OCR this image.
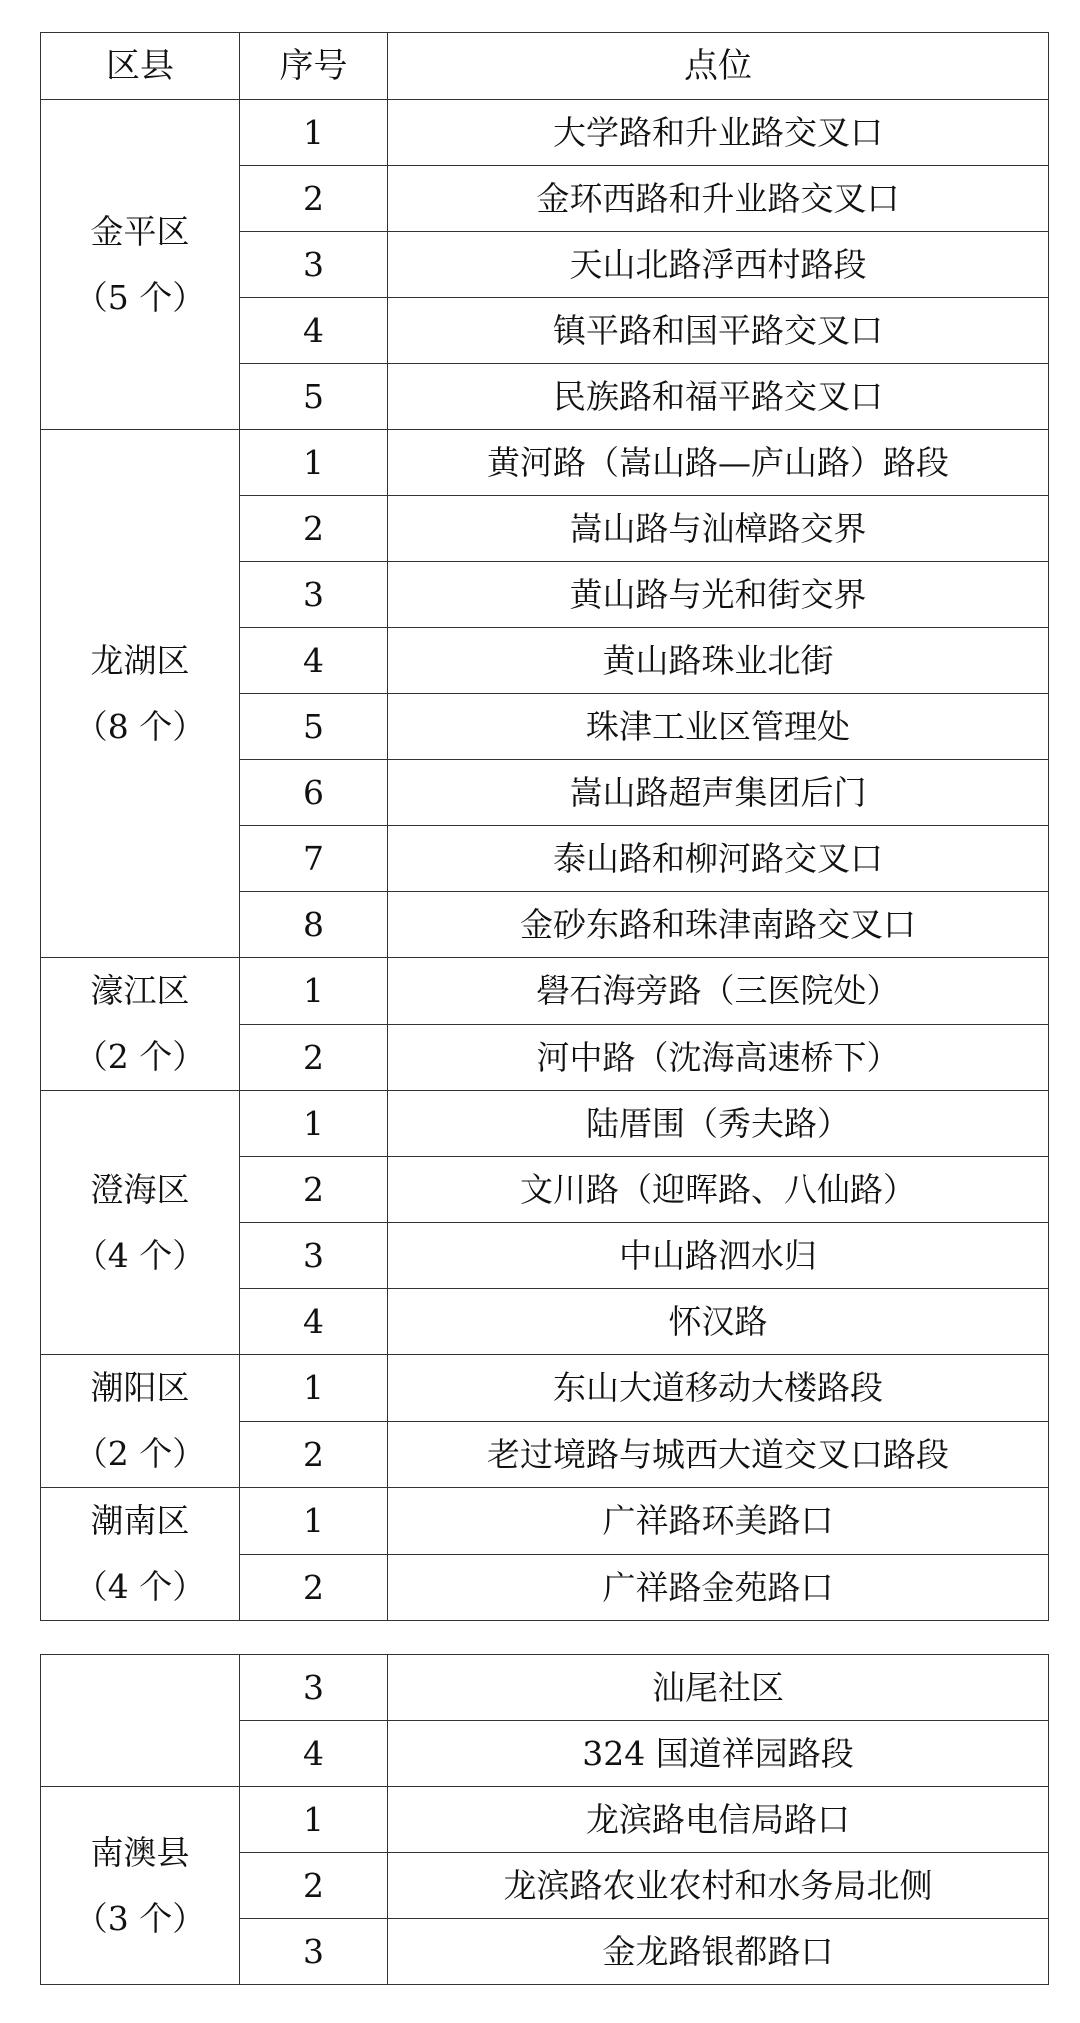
区县	序号	点位

金平区
（5 个）	1	大学路和升业路交叉口
	2	金环西路和升业路交叉口
	3	天山北路浮西村路段
	4	镇平路和国平路交叉口
	5	民族路和福平路交叉口

龙湖区
（8 个）	1	黄河路（嵩山路—庐山路）路段
	2	嵩山路与汕樟路交界
	3	黄山路与光和街交界
	4	黄山路珠业北街
	5	珠津工业区管理处
	6	嵩山路超声集团后门
	7	泰山路和柳河路交叉口
	8	金砂东路和珠津南路交叉口

濠江区
（2 个）	1	礐石海旁路（三医院处）
	2	河中路（沈海高速桥下）

澄海区
（4 个）	1	陆厝围（秀夫路）
	2	文川路（迎晖路、八仙路）
	3	中山路泗水归
	4	怀汉路

潮阳区
（2 个）	1	东山大道移动大楼路段
	2	老过境路与城西大道交叉口路段

潮南区
（4 个）	1	广祥路环美路口
	2	广祥路金苑路口
	3	汕尾社区
	4	324 国道祥园路段

南澳县
（3 个）	1	龙滨路电信局路口
	2	龙滨路农业农村和水务局北侧
	3	金龙路银都路口
